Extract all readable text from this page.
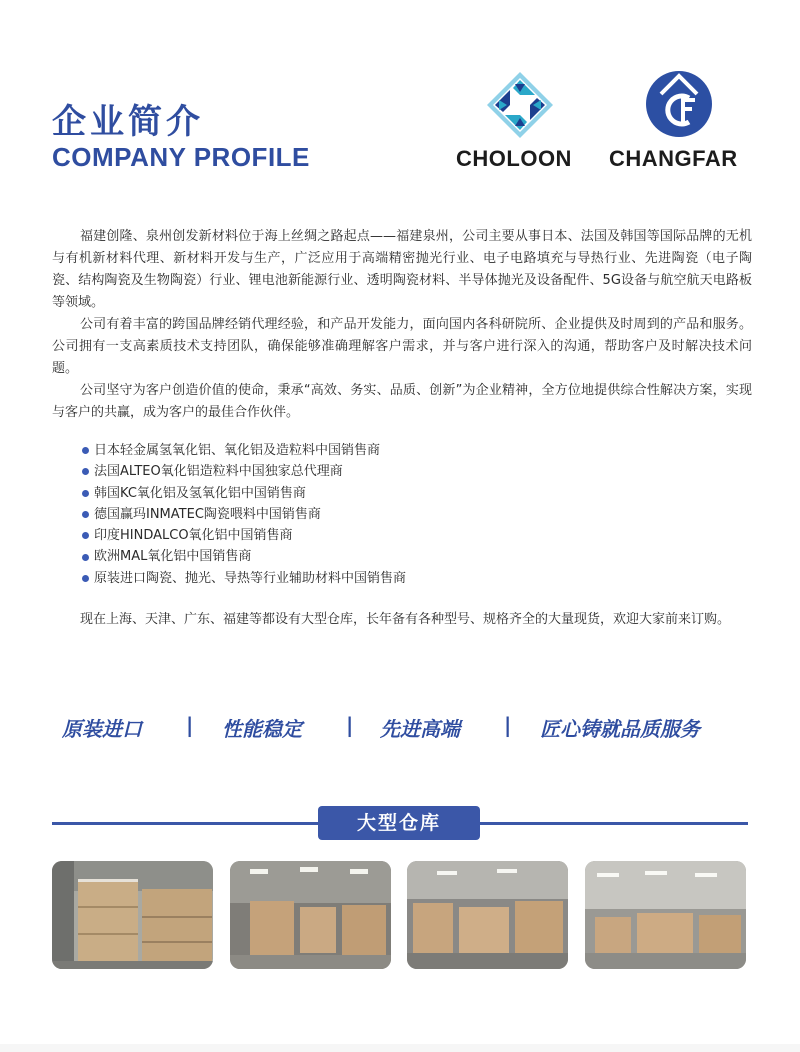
企业简介
COMPANY PROFILE	CHOLOON CHANGFAR

福建创隆、泉州创发新材料位于海上丝绸之路起点——福建泉州，公司主要从事日本、法国及韩国等国际品牌的无机与有机新材料代理、新材料开发与生产，广泛应用于高端精密抛光行业、电子电路填充与导热行业、先进陶瓷（电子陶瓷、结构陶瓷及生物陶瓷）行业、锂电池新能源行业、透明陶瓷材料、半导体抛光及设备配件、5G设备与航空航天电路板等领域。

公司有着丰富的跨国品牌经销代理经验，和产品开发能力，面向国内各科研院所、企业提供及时周到的产品和服务。公司拥有一支高素质技术支持团队，确保能够准确理解客户需求，并与客户进行深入的沟通，帮助客户及时解决技术问题。

公司坚守为客户创造价值的使命，秉承“高效、务实、品质、创新”为企业精神，全方位地提供综合性解决方案，实现与客户的共赢，成为客户的最佳合作伙伴。

日本轻金属氢氧化铝、氧化铝及造粒料中国销售商
法国ALTEO氧化铝造粒料中国独家总代理商
韩国KC氧化铝及氢氧化铝中国销售商
德国赢玛INMATEC陶瓷喂料中国销售商
印度HINDALCO氧化铝中国销售商
欧洲MAL氧化铝中国销售商
原装进口陶瓷、抛光、导热等行业辅助材料中国销售商

现在上海、天津、广东、福建等都设有大型仓库，长年备有各种型号、规格齐全的大量现货，欢迎大家前来订购。

原装进口 | 性能稳定 | 先进高端 | 匠心铸就品质服务
大型仓库
